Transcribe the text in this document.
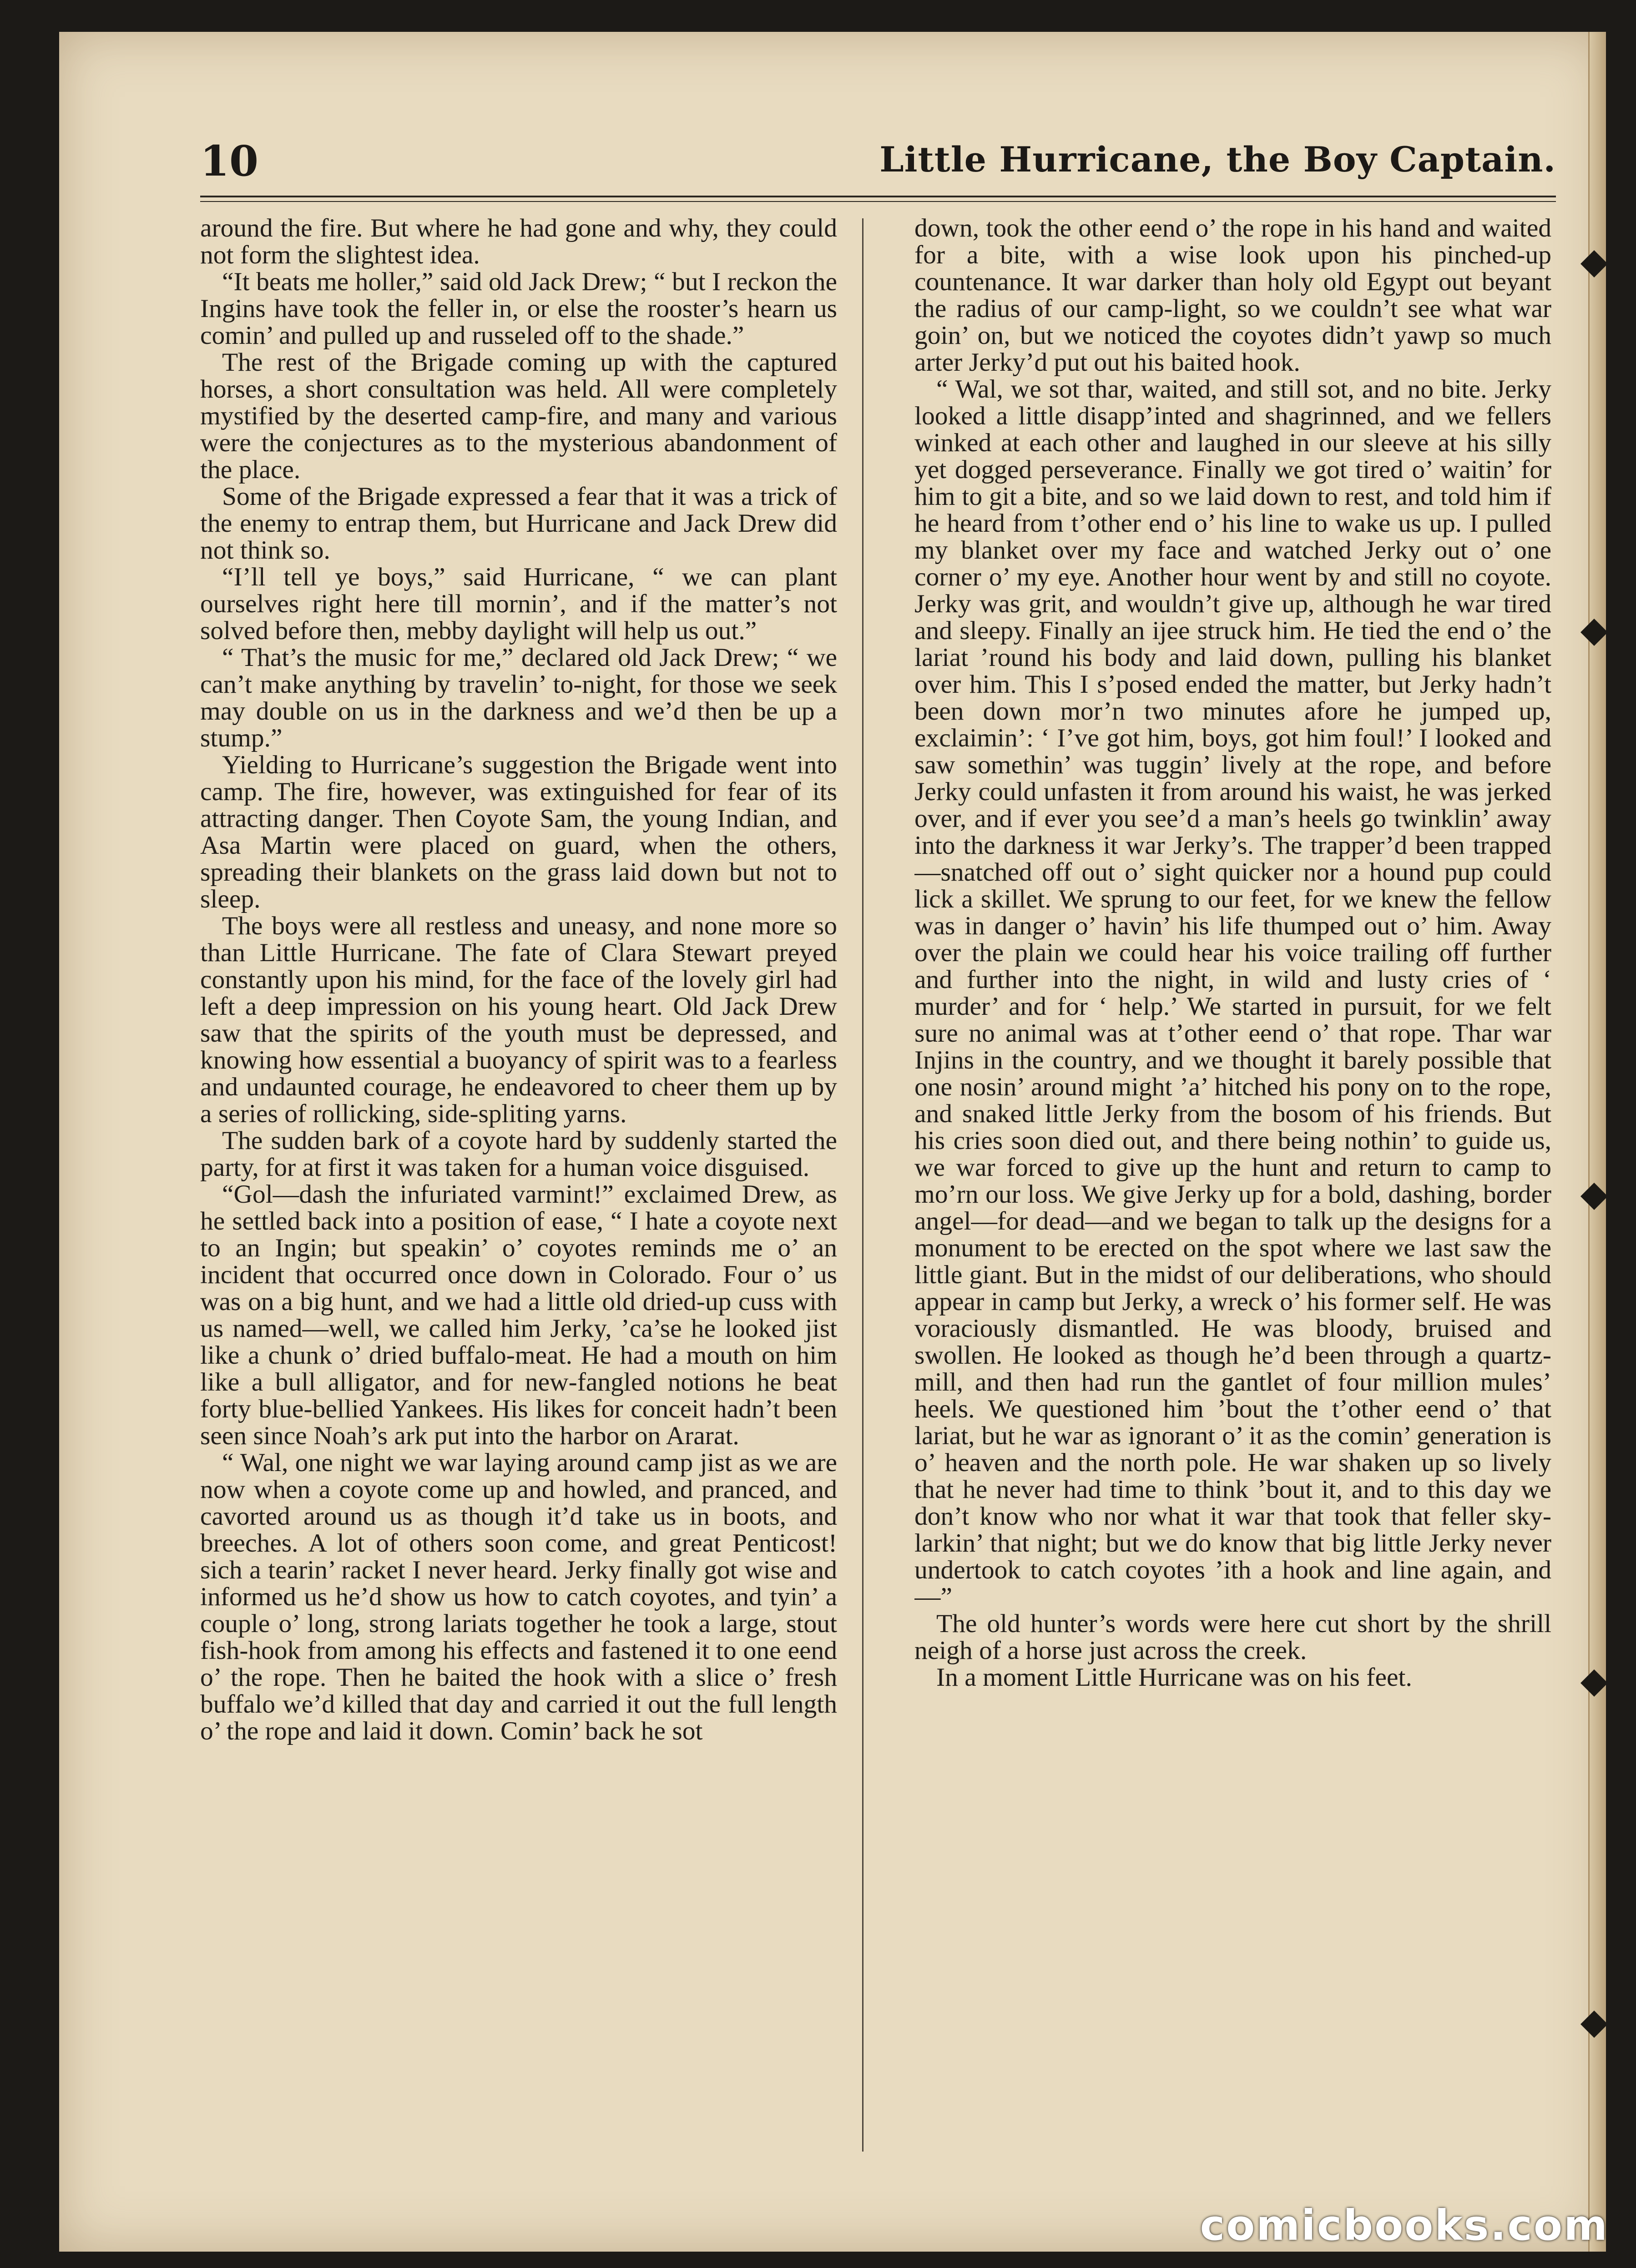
10	Little Hurricane, the Boy Captain.

around the fire. But where he had gone and why, they could not form the slightest idea.

“It beats me holler,” said old Jack Drew; “ but I reckon the Ingins have took the feller in, or else the rooster’s hearn us comin’ and pulled up and russeled off to the shade.”

The rest of the Brigade coming up with the captured horses, a short consultation was held. All were completely mystified by the deserted camp-fire, and many and various were the conjectures as to the mysterious abandonment of the place.

Some of the Brigade expressed a fear that it was a trick of the enemy to entrap them, but Hurricane and Jack Drew did not think so.

“I’ll tell ye boys,” said Hurricane, “ we can plant ourselves right here till mornin’, and if the matter’s not solved before then, mebby daylight will help us out.”

“ That’s the music for me,” declared old Jack Drew; “ we can’t make anything by travelin’ to-night, for those we seek may double on us in the darkness and we’d then be up a stump.”

Yielding to Hurricane’s suggestion the Brigade went into camp. The fire, however, was extinguished for fear of its attracting danger. Then Coyote Sam, the young Indian, and Asa Martin were placed on guard, when the others, spreading their blankets on the grass laid down but not to sleep.

The boys were all restless and uneasy, and none more so than Little Hurricane. The fate of Clara Stewart preyed constantly upon his mind, for the face of the lovely girl had left a deep impression on his young heart. Old Jack Drew saw that the spirits of the youth must be depressed, and knowing how essential a buoyancy of spirit was to a fearless and undaunted courage, he endeavored to cheer them up by a series of rollicking, side-spliting yarns.

The sudden bark of a coyote hard by suddenly started the party, for at first it was taken for a human voice disguised.

“Gol—dash the infuriated varmint!” exclaimed Drew, as he settled back into a position of ease, “ I hate a coyote next to an Ingin; but speakin’ o’ coyotes reminds me o’ an incident that occurred once down in Colorado. Four o’ us was on a big hunt, and we had a little old dried-up cuss with us named—well, we called him Jerky, ’ca’se he looked jist like a chunk o’ dried buffalo-meat. He had a mouth on him like a bull alligator, and for new-fangled notions he beat forty blue-bellied Yankees. His likes for conceit hadn’t been seen since Noah’s ark put into the harbor on Ararat.

“ Wal, one night we war laying around camp jist as we are now when a coyote come up and howled, and pranced, and cavorted around us as though it’d take us in boots, and breeches. A lot of others soon come, and great Penticost! sich a tearin’ racket I never heard. Jerky finally got wise and informed us he’d show us how to catch coyotes, and tyin’ a couple o’ long, strong lariats together he took a large, stout fish-hook from among his effects and fastened it to one eend o’ the rope. Then he baited the hook with a slice o’ fresh buffalo we’d killed that day and carried it out the full length o’ the rope and laid it down. Comin’ back he sot

down, took the other eend o’ the rope in his hand and waited for a bite, with a wise look upon his pinched-up countenance. It war darker than holy old Egypt out beyant the radius of our camp-light, so we couldn’t see what war goin’ on, but we noticed the coyotes didn’t yawp so much arter Jerky’d put out his baited hook.

“ Wal, we sot thar, waited, and still sot, and no bite. Jerky looked a little disapp’inted and shagrinned, and we fellers winked at each other and laughed in our sleeve at his silly yet dogged perseverance. Finally we got tired o’ waitin’ for him to git a bite, and so we laid down to rest, and told him if he heard from t’other end o’ his line to wake us up. I pulled my blanket over my face and watched Jerky out o’ one corner o’ my eye. Another hour went by and still no coyote. Jerky was grit, and wouldn’t give up, although he war tired and sleepy. Finally an ijee struck him. He tied the end o’ the lariat ’round his body and laid down, pulling his blanket over him. This I s’posed ended the matter, but Jerky hadn’t been down mor’n two minutes afore he jumped up, exclaimin’: ‘ I’ve got him, boys, got him foul!’ I looked and saw somethin’ was tuggin’ lively at the rope, and before Jerky could unfasten it from around his waist, he was jerked over, and if ever you see’d a man’s heels go twinklin’ away into the darkness it war Jerky’s. The trapper’d been trapped—snatched off out o’ sight quicker nor a hound pup could lick a skillet. We sprung to our feet, for we knew the fellow was in danger o’ havin’ his life thumped out o’ him. Away over the plain we could hear his voice trailing off further and further into the night, in wild and lusty cries of ‘ murder’ and for ‘ help.’ We started in pursuit, for we felt sure no animal was at t’other eend o’ that rope. Thar war Injins in the country, and we thought it barely possible that one nosin’ around might ’a’ hitched his pony on to the rope, and snaked little Jerky from the bosom of his friends. But his cries soon died out, and there being nothin’ to guide us, we war forced to give up the hunt and return to camp to mo’rn our loss. We give Jerky up for a bold, dashing, border angel—for dead—and we began to talk up the designs for a monument to be erected on the spot where we last saw the little giant. But in the midst of our deliberations, who should appear in camp but Jerky, a wreck o’ his former self. He was voraciously dismantled. He was bloody, bruised and swollen. He looked as though he’d been through a quartz-mill, and then had run the gantlet of four million mules’ heels. We questioned him ’bout the t’other eend o’ that lariat, but he war as ignorant o’ it as the comin’ generation is o’ heaven and the north pole. He war shaken up so lively that he never had time to think ’bout it, and to this day we don’t know who nor what it war that took that feller sky-larkin’ that night; but we do know that big little Jerky never undertook to catch coyotes ’ith a hook and line again, and—”

The old hunter’s words were here cut short by the shrill neigh of a horse just across the creek.

In a moment Little Hurricane was on his feet.

comicbooks.com
